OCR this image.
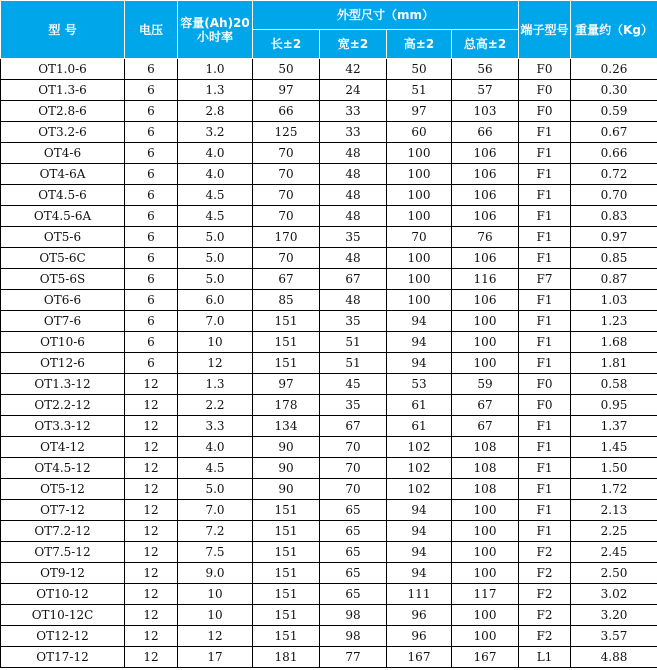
型 号	电压	容量(Ah)20小时率	外型尺寸（mm）				端子型号	重量约（Kg）
			长±2	宽±2	高±2	总高±2		
OT1.0-6	6	1.0	50	42	50	56	F0	0.26
OT1.3-6	6	1.3	97	24	51	57	F0	0.30
OT2.8-6	6	2.8	66	33	97	103	F0	0.59
OT3.2-6	6	3.2	125	33	60	66	F1	0.67
OT4-6	6	4.0	70	48	100	106	F1	0.66
OT4-6A	6	4.0	70	48	100	106	F1	0.72
OT4.5-6	6	4.5	70	48	100	106	F1	0.70
OT4.5-6A	6	4.5	70	48	100	106	F1	0.83
OT5-6	6	5.0	170	35	70	76	F1	0.97
OT5-6C	6	5.0	70	48	100	106	F1	0.85
OT5-6S	6	5.0	67	67	100	116	F7	0.87
OT6-6	6	6.0	85	48	100	106	F1	1.03
OT7-6	6	7.0	151	35	94	100	F1	1.23
OT10-6	6	10	151	51	94	100	F1	1.68
OT12-6	6	12	151	51	94	100	F1	1.81
OT1.3-12	12	1.3	97	45	53	59	F0	0.58
OT2.2-12	12	2.2	178	35	61	67	F0	0.95
OT3.3-12	12	3.3	134	67	61	67	F1	1.37
OT4-12	12	4.0	90	70	102	108	F1	1.45
OT4.5-12	12	4.5	90	70	102	108	F1	1.50
OT5-12	12	5.0	90	70	102	108	F1	1.72
OT7-12	12	7.0	151	65	94	100	F1	2.13
OT7.2-12	12	7.2	151	65	94	100	F1	2.25
OT7.5-12	12	7.5	151	65	94	100	F2	2.45
OT9-12	12	9.0	151	65	94	100	F2	2.50
OT10-12	12	10	151	65	111	117	F2	3.02
OT10-12C	12	10	151	98	96	100	F2	3.20
OT12-12	12	12	151	98	96	100	F2	3.57
OT17-12	12	17	181	77	167	167	L1	4.88
